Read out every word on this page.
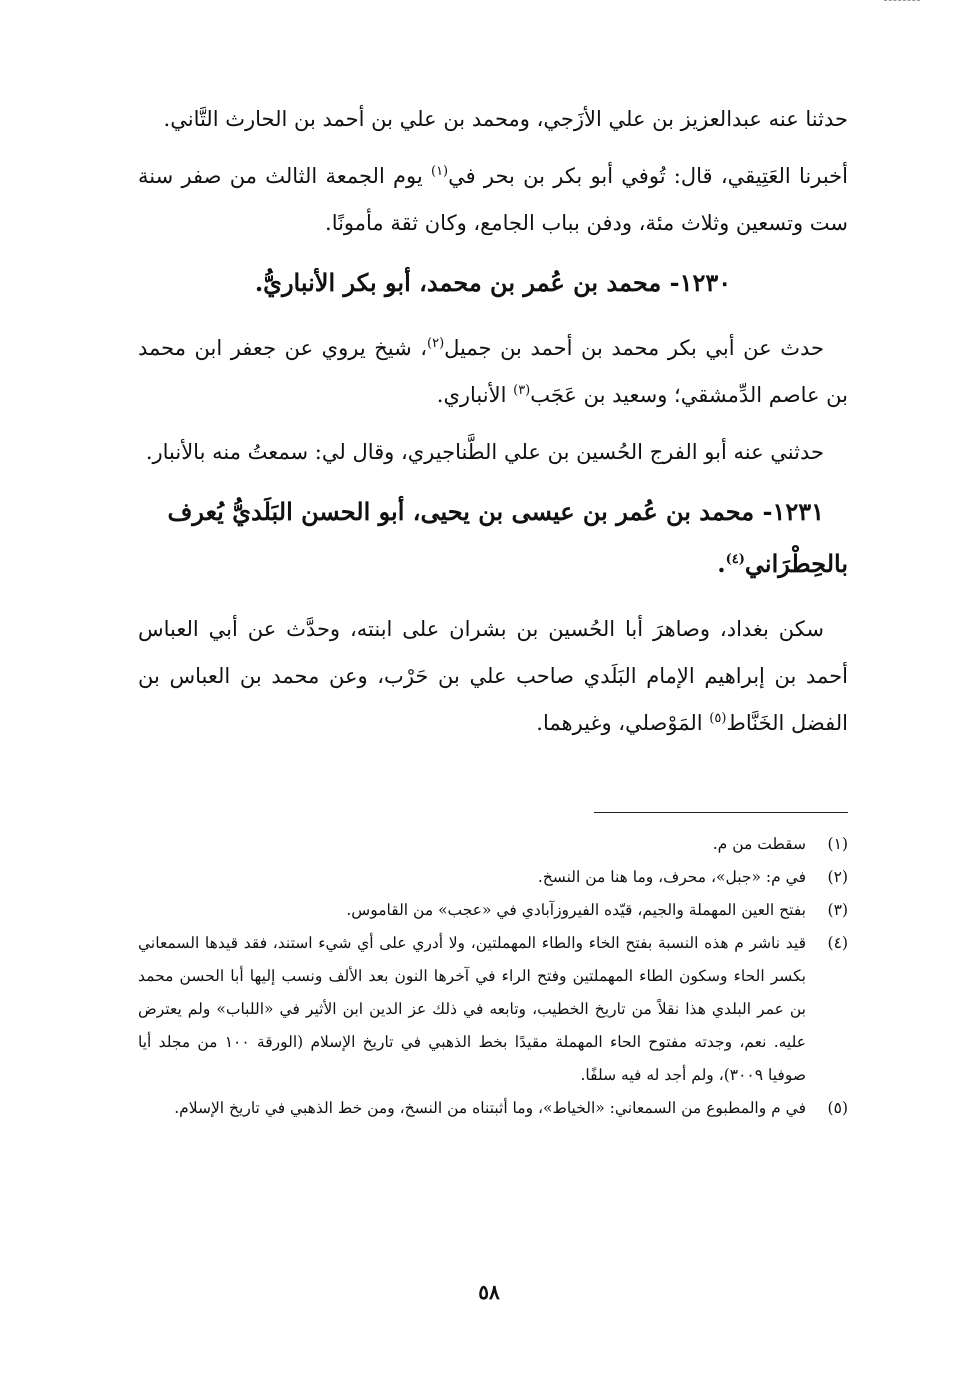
حدثنا عنه عبدالعزيز بن علي الأزَجي، ومحمد بن علي بن أحمد بن الحارث التَّاني.

أخبرنا العَتِيقي، قال: تُوفي أبو بكر بن بحر في$^{(١)}$ يوم الجمعة الثالث من صفر سنة ست وتسعين وثلاث مئة، ودفن بباب الجامع، وكان ثقة مأمونًا.

١٢٣٠- محمد بن عُمر بن محمد، أبو بكر الأنباريُّ.

حدث عن أبي بكر محمد بن أحمد بن جميل$^{(٢)}$، شيخ يروي عن جعفر ابن محمد بن عاصم الدِّمشقي؛ وسعيد بن عَجَب$^{(٣)}$ الأنباري.

حدثني عنه أبو الفرج الحُسين بن علي الطَّناجيري، وقال لي: سمعتُ منه بالأنبار.

١٢٣١- محمد بن عُمر بن عيسى بن يحيى، أبو الحسن البَلَديُّ يُعرف بالحِطْرَاني$^{(٤)}$.

سكن بغداد، وصاهرَ أبا الحُسين بن بشران على ابنته، وحدَّث عن أبي العباس أحمد بن إبراهيم الإمام البَلَدي صاحب علي بن حَرْب، وعن محمد بن العباس بن الفضل الخَنَّاط$^{(٥)}$ المَوْصلي، وغيرهما.

(١)
سقطت من م.
(٢)
في م: «جبل»، محرف، وما هنا من النسخ.
(٣)
بفتح العين المهملة والجيم، قيّده الفيروزآبادي في «عجب» من القاموس.
(٤)
قيد ناشر م هذه النسبة بفتح الخاء والطاء المهملتين، ولا أدري على أي شيء استند، فقد قيدها السمعاني بكسر الحاء وسكون الطاء المهملتين وفتح الراء في آخرها النون بعد الألف ونسب إليها أبا الحسن محمد بن عمر البلدي هذا نقلاً من تاريخ الخطيب، وتابعه في ذلك عز الدين ابن الأثير في «اللباب» ولم يعترض عليه. نعم، وجدته مفتوح الحاء المهملة مقيدًا بخط الذهبي في تاريخ الإسلام (الورقة ١٠٠ من مجلد أيا صوفيا ٣٠٠٩)، ولم أجد له فيه سلفًا.
(٥)
في م والمطبوع من السمعاني: «الخياط»، وما أثبتناه من النسخ، ومن خط الذهبي في تاريخ الإسلام.
٥٨
